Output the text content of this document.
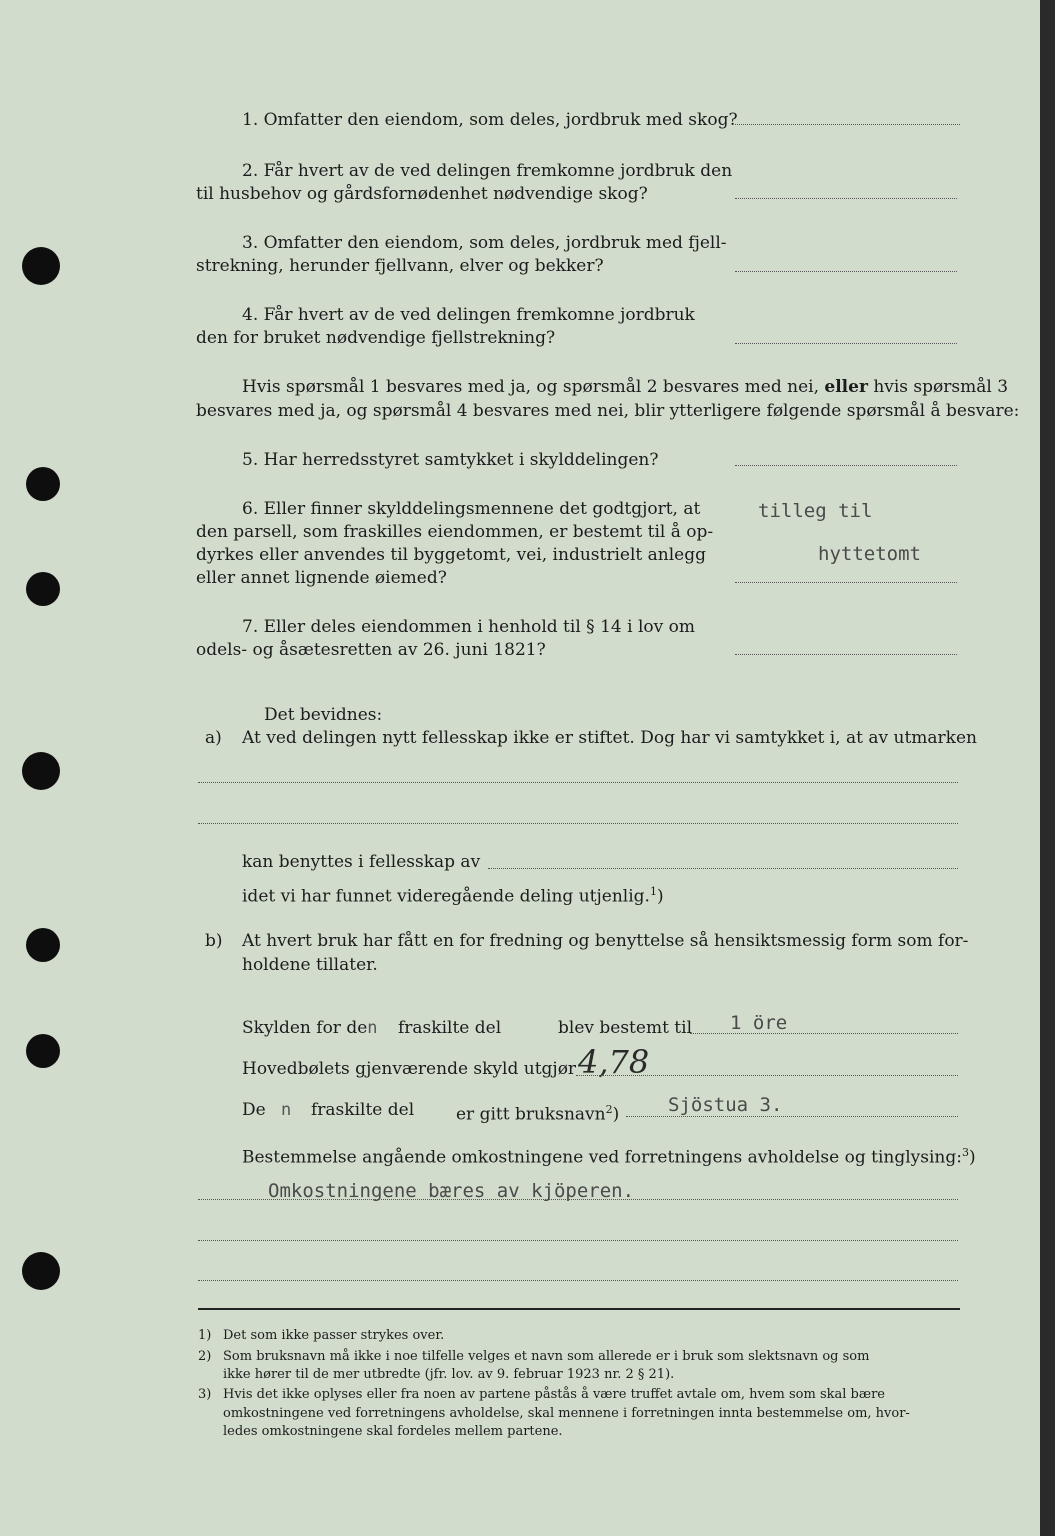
1. Omfatter den eiendom, som deles, jordbruk med skog?
2. Får hvert av de ved delingen fremkomne jordbruk den
til husbehov og gårdsfornødenhet nødvendige skog?
3. Omfatter den eiendom, som deles, jordbruk med fjell-
strekning, herunder fjellvann, elver og bekker?
4. Får hvert av de ved delingen fremkomne jordbruk
den for bruket nødvendige fjellstrekning?
Hvis spørsmål 1 besvares med ja, og spørsmål 2 besvares med nei, eller hvis spørsmål 3
besvares med ja, og spørsmål 4 besvares med nei, blir ytterligere følgende spørsmål å besvare:
5. Har herredsstyret samtykket i skylddelingen?
6. Eller finner skylddelingsmennene det godtgjort, at
den parsell, som fraskilles eiendommen, er bestemt til å op-
dyrkes eller anvendes til byggetomt, vei, industrielt anlegg
eller annet lignende øiemed?
tilleg til
hyttetomt
7. Eller deles eiendommen i henhold til § 14 i lov om
odels- og åsætesretten av 26. juni 1821?
Det bevidnes:
a) At ved delingen nytt fellesskap ikke er stiftet. Dog har vi samtykket i, at av utmarken
kan benyttes i fellesskap av
idet vi har funnet videregående deling utjenlig.$^1$)
b) At hvert bruk har fått en for fredning og benyttelse så hensiktsmessig form som for-
holdene tillater.
Skylden for den fraskilte del	blev bestemt til 1 öre
Hovedbølets gjenværende skyld utgjør 4,78
De n fraskilte del er gitt bruksnavn$^2$)	Sjöstua 3.
Bestemmelse angående omkostningene ved forretningens avholdelse og tinglysing:$^3$)
Omkostningene bæres av kjöperen.
1) Det som ikke passer strykes over.
2) Som bruksnavn må ikke i noe tilfelle velges et navn som allerede er i bruk som slektsnavn og som
ikke hører til de mer utbredte (jfr. lov. av 9. februar 1923 nr. 2 § 21).
3) Hvis det ikke oplyses eller fra noen av partene påstås å være truffet avtale om, hvem som skal bære
omkostningene ved forretningens avholdelse, skal mennene i forretningen innta bestemmelse om, hvor-
ledes omkostningene skal fordeles mellem partene.
